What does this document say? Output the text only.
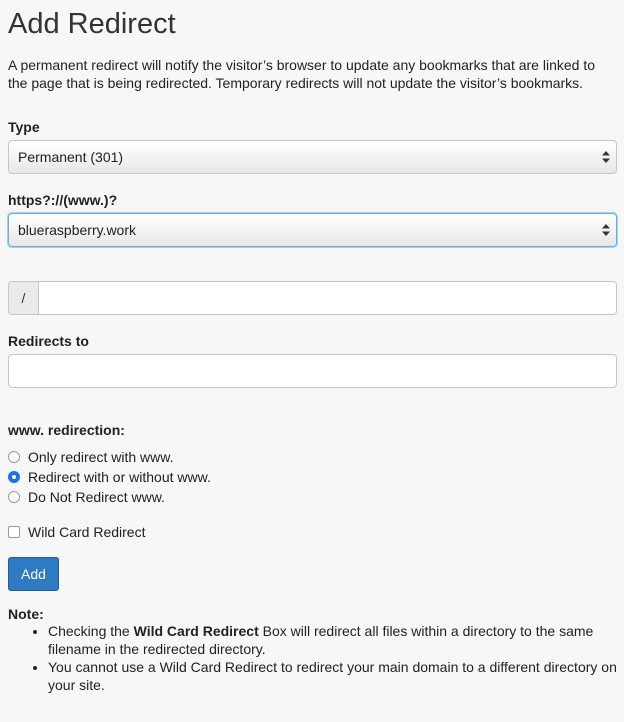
Add Redirect

A permanent redirect will notify the visitor’s browser to update any bookmarks that are linked to the page that is being redirected. Temporary redirects will not update the visitor’s bookmarks.

Type
Permanent (301)
https?://(www.)?
blueraspberry.work
/
Redirects to
www. redirection:
Only redirect with www.
Redirect with or without www.
Do Not Redirect www.
Wild Card Redirect
Add
Note:
• Checking the Wild Card Redirect Box will redirect all files within a directory to the same filename in the redirected directory.
• You cannot use a Wild Card Redirect to redirect your main domain to a different directory on your site.
